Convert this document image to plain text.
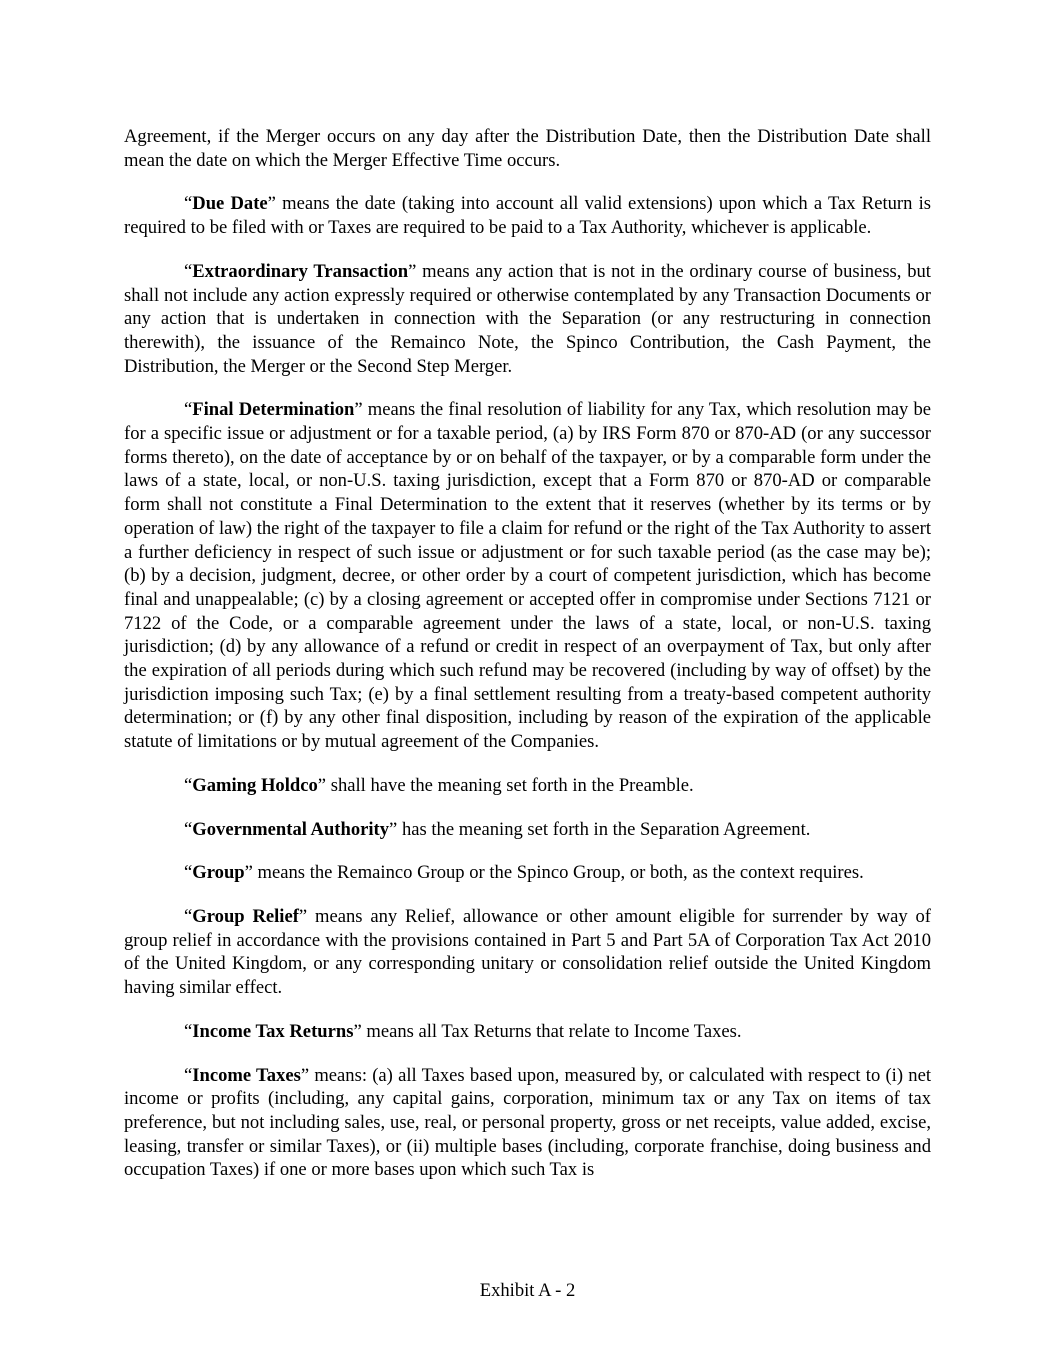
Agreement, if the Merger occurs on any day after the Distribution Date, then the Distribution Date shall mean the date on which the Merger Effective Time occurs.

“Due Date” means the date (taking into account all valid extensions) upon which a Tax Return is required to be filed with or Taxes are required to be paid to a Tax Authority, whichever is applicable.

“Extraordinary Transaction” means any action that is not in the ordinary course of business, but shall not include any action expressly required or otherwise contemplated by any Transaction Documents or any action that is undertaken in connection with the Separation (or any restructuring in connection therewith), the issuance of the Remainco Note, the Spinco Contribution, the Cash Payment, the Distribution, the Merger or the Second Step Merger.

“Final Determination” means the final resolution of liability for any Tax, which resolution may be for a specific issue or adjustment or for a taxable period, (a) by IRS Form 870 or 870-AD (or any successor forms thereto), on the date of acceptance by or on behalf of the taxpayer, or by a comparable form under the laws of a state, local, or non-U.S. taxing jurisdiction, except that a Form 870 or 870-AD or comparable form shall not constitute a Final Determination to the extent that it reserves (whether by its terms or by operation of law) the right of the taxpayer to file a claim for refund or the right of the Tax Authority to assert a further deficiency in respect of such issue or adjustment or for such taxable period (as the case may be); (b) by a decision, judgment, decree, or other order by a court of competent jurisdiction, which has become final and unappealable; (c) by a closing agreement or accepted offer in compromise under Sections 7121 or 7122 of the Code, or a comparable agreement under the laws of a state, local, or non-U.S. taxing jurisdiction; (d) by any allowance of a refund or credit in respect of an overpayment of Tax, but only after the expiration of all periods during which such refund may be recovered (including by way of offset) by the jurisdiction imposing such Tax; (e) by a final settlement resulting from a treaty-based competent authority determination; or (f) by any other final disposition, including by reason of the expiration of the applicable statute of limitations or by mutual agreement of the Companies.

“Gaming Holdco” shall have the meaning set forth in the Preamble.

“Governmental Authority” has the meaning set forth in the Separation Agreement.

“Group” means the Remainco Group or the Spinco Group, or both, as the context requires.

“Group Relief” means any Relief, allowance or other amount eligible for surrender by way of group relief in accordance with the provisions contained in Part 5 and Part 5A of Corporation Tax Act 2010 of the United Kingdom, or any corresponding unitary or consolidation relief outside the United Kingdom having similar effect.

“Income Tax Returns” means all Tax Returns that relate to Income Taxes.

“Income Taxes” means: (a) all Taxes based upon, measured by, or calculated with respect to (i) net income or profits (including, any capital gains, corporation, minimum tax or any Tax on items of tax preference, but not including sales, use, real, or personal property, gross or net receipts, value added, excise, leasing, transfer or similar Taxes), or (ii) multiple bases (including, corporate franchise, doing business and occupation Taxes) if one or more bases upon which such Tax is

Exhibit A - 2
